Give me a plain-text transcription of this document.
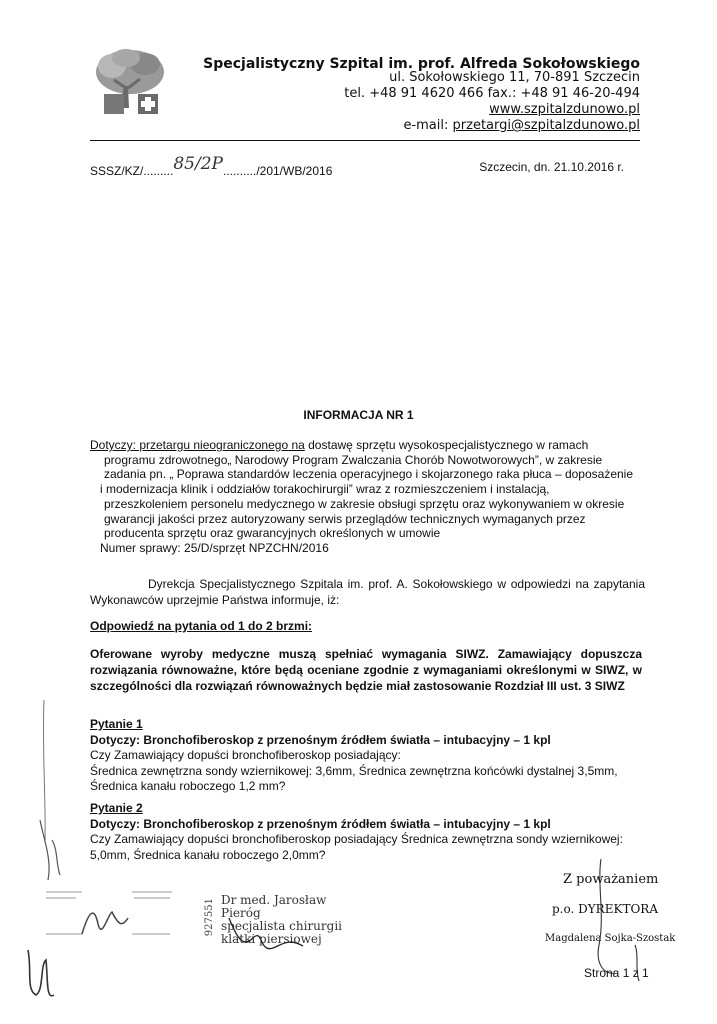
Specjalistyczny Szpital im. prof. Alfreda Sokołowskiego
ul. Sokołowskiego 11, 70-891 Szczecin
tel. +48 91 4620 466 fax.: +48 91 46-20-494
www.szpitalzdunowo.pl
e-mail: przetargi@szpitalzdunowo.pl
SSSZ/KZ/.........85/2P........../201/WB/2016	Szczecin, dn. 21.10.2016 r.
INFORMACJA NR 1
Dotyczy: przetargu nieograniczonego na dostawę sprzętu wysokospecjalistycznego w ramach
programu zdrowotnego„ Narodowy Program Zwalczania Chorób Nowotworowych”, w zakresie
zadania pn. „ Poprawa standardów leczenia operacyjnego i skojarzonego raka płuca – doposażenie
i modernizacja klinik i oddziałów torakochirurgii” wraz z rozmieszczeniem i instalacją,
przeszkoleniem personelu medycznego w zakresie obsługi sprzętu oraz wykonywaniem w okresie
gwarancji jakości przez autoryzowany serwis przeglądów technicznych wymaganych przez
producenta sprzętu oraz gwarancyjnych określonych w umowie
Numer sprawy: 25/D/sprzęt NPZCHN/2016
Dyrekcja Specjalistycznego Szpitala im. prof. A. Sokołowskiego w odpowiedzi na zapytania Wykonawców uprzejmie Państwa informuje, iż:
Odpowiedź na pytania od 1 do 2 brzmi:
Oferowane wyroby medyczne muszą spełniać wymagania SIWZ. Zamawiający dopuszcza rozwiązania równoważne, które będą oceniane zgodnie z wymaganiami określonymi w SIWZ, w szczególności dla rozwiązań równoważnych będzie miał zastosowanie Rozdział III ust. 3 SIWZ
Pytanie 1
Dotyczy: Bronchofiberoskop z przenośnym źródłem światła – intubacyjny – 1 kpl
Czy Zamawiający dopuści bronchofiberoskop posiadający:
Średnica zewnętrzna sondy wziernikowej: 3,6mm, Średnica zewnętrzna końcówki dystalnej 3,5mm,
Średnica kanału roboczego 1,2 mm?
Pytanie 2
Dotyczy: Bronchofiberoskop z przenośnym źródłem światła – intubacyjny – 1 kpl
Czy Zamawiający dopuści bronchofiberoskop posiadający Średnica zewnętrzna sondy wziernikowej:
5,0mm, Średnica kanału roboczego 2,0mm?
927551 Dr med. Jarosław Pieróg
specjalista chirurgii
klatki piersiowej
Z poważaniem
p.o. DYREKTORA
Magdalena Sojka-Szostak
Strona 1 z 1
